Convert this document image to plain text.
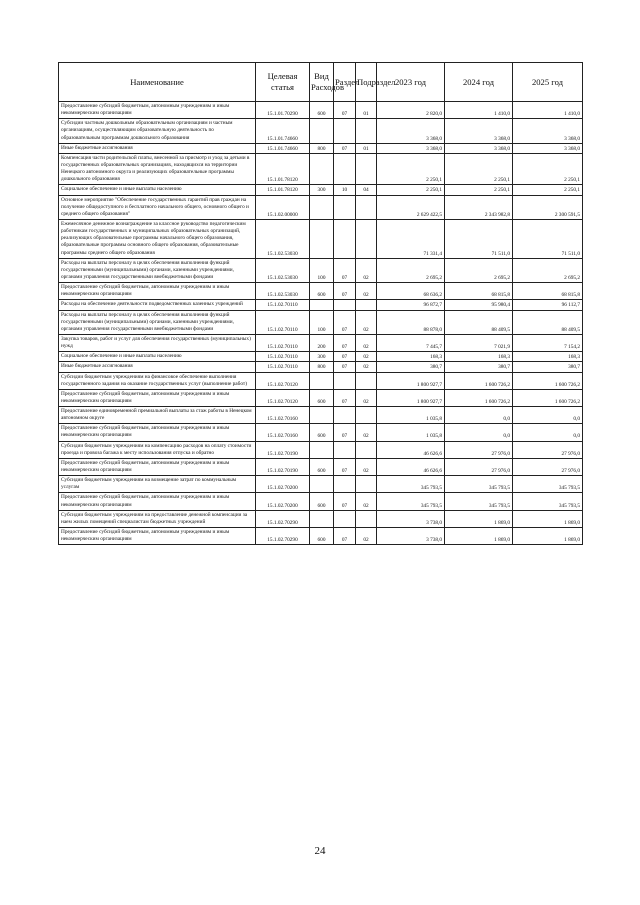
Наименование	Целевая статья	Вид Расходов	Раздел	Подраздел	2023 год	2024 год	2025 год
Предоставление субсидий бюджетным, автономным учреждениям и иным некоммерческим организациям	15.1.01.70290	600	07	01	2 820,0	1 410,0	1 410,0
Субсидии частным дошкольным образовательным организациям и частным организациям, осуществляющим образовательную деятельность по образовательным программам дошкольного образования	15.1.01.74660				3 368,0	3 368,0	3 368,0
Иные бюджетные ассигнования	15.1.01.74660	800	07	01	3 368,0	3 368,0	3 368,0
Компенсация части родительской платы, внесенной за присмотр и уход за детьми в государственных образовательных организациях, находящихся на территории Ненецкого автономного округа и реализующих образовательные программы дошкольного образования	15.1.01.78120				2 250,1	2 250,1	2 250,1
Социальное обеспечение и иные выплаты населению	15.1.01.78120	300	10	04	2 250,1	2 250,1	2 250,1
Основное мероприятие "Обеспечение государственных гарантий прав граждан на получение общедоступного и бесплатного начального общего, основного общего и среднего общего образования"	15.1.02.00000				2 629 422,5	2 343 982,8	2 300 591,5
Ежемесячное денежное вознаграждение за классное руководство педагогическим работникам государственных и муниципальных образовательных организаций, реализующих образовательные программы начального общего образования, образовательные программы основного общего образования, образовательные программы среднего общего образования	15.1.02.53030				71 331,4	71 511,0	71 511,0
Расходы на выплаты персоналу в целях обеспечения выполнения функций государственными (муниципальными) органами, казенными учреждениями, органами управления государственными внебюджетными фондами	15.1.02.53030	100	07	02	2 695,2	2 695,2	2 695,2
Предоставление субсидий бюджетным, автономным учреждениям и иным некоммерческим организациям	15.1.02.53030	600	07	02	68 636,2	68 815,8	68 815,8
Расходы на обеспечение деятельности подведомственных казенных учреждений	15.1.02.70110				96 872,7	95 980,4	96 112,7
Расходы на выплаты персоналу в целях обеспечения выполнения функций государственными (муниципальными) органами, казенными учреждениями, органами управления государственными внебюджетными фондами	15.1.02.70110	100	07	02	88 878,0	88 409,5	88 409,5
Закупка товаров, работ и услуг для обеспечения государственных (муниципальных) нужд	15.1.02.70110	200	07	02	7 445,7	7 021,9	7 154,2
Социальное обеспечение и иные выплаты населению	15.1.02.70110	300	07	02	168,3	168,3	168,3
Иные бюджетные ассигнования	15.1.02.70110	800	07	02	380,7	380,7	380,7
Субсидии бюджетным учреждениям на финансовое обеспечение выполнения государственного задания на оказание государственных услуг (выполнение работ)	15.1.02.70120				1 800 927,7	1 600 726,2	1 600 726,2
Предоставление субсидий бюджетным, автономным учреждениям и иным некоммерческим организациям	15.1.02.70120	600	07	02	1 800 927,7	1 600 726,2	1 600 726,2
Предоставление единовременной премиальной выплаты за стаж работы в Ненецком автономном округе	15.1.02.70160				1 035,8	0,0	0,0
Предоставление субсидий бюджетным, автономным учреждениям и иным некоммерческим организациям	15.1.02.70160	600	07	02	1 035,8	0,0	0,0
Субсидии бюджетным учреждениям на компенсацию расходов на оплату стоимости проезда и провоза багажа к месту использования отпуска и обратно	15.1.02.70190				46 626,6	27 976,0	27 976,0
Предоставление субсидий бюджетным, автономным учреждениям и иным некоммерческим организациям	15.1.02.70190	600	07	02	46 626,6	27 976,0	27 976,0
Субсидии бюджетным учреждениям на возмещение затрат по коммунальным услугам	15.1.02.70200				345 793,5	345 793,5	345 793,5
Предоставление субсидий бюджетным, автономным учреждениям и иным некоммерческим организациям	15.1.02.70200	600	07	02	345 793,5	345 793,5	345 793,5
Субсидии бюджетным учреждениям на предоставление денежной компенсации за наем жилых помещений специалистам бюджетных учреждений	15.1.02.70290				3 738,0	1 869,0	1 869,0
Предоставление субсидий бюджетным, автономным учреждениям и иным некоммерческим организациям	15.1.02.70290	600	07	02	3 738,0	1 869,0	1 869,0
24
